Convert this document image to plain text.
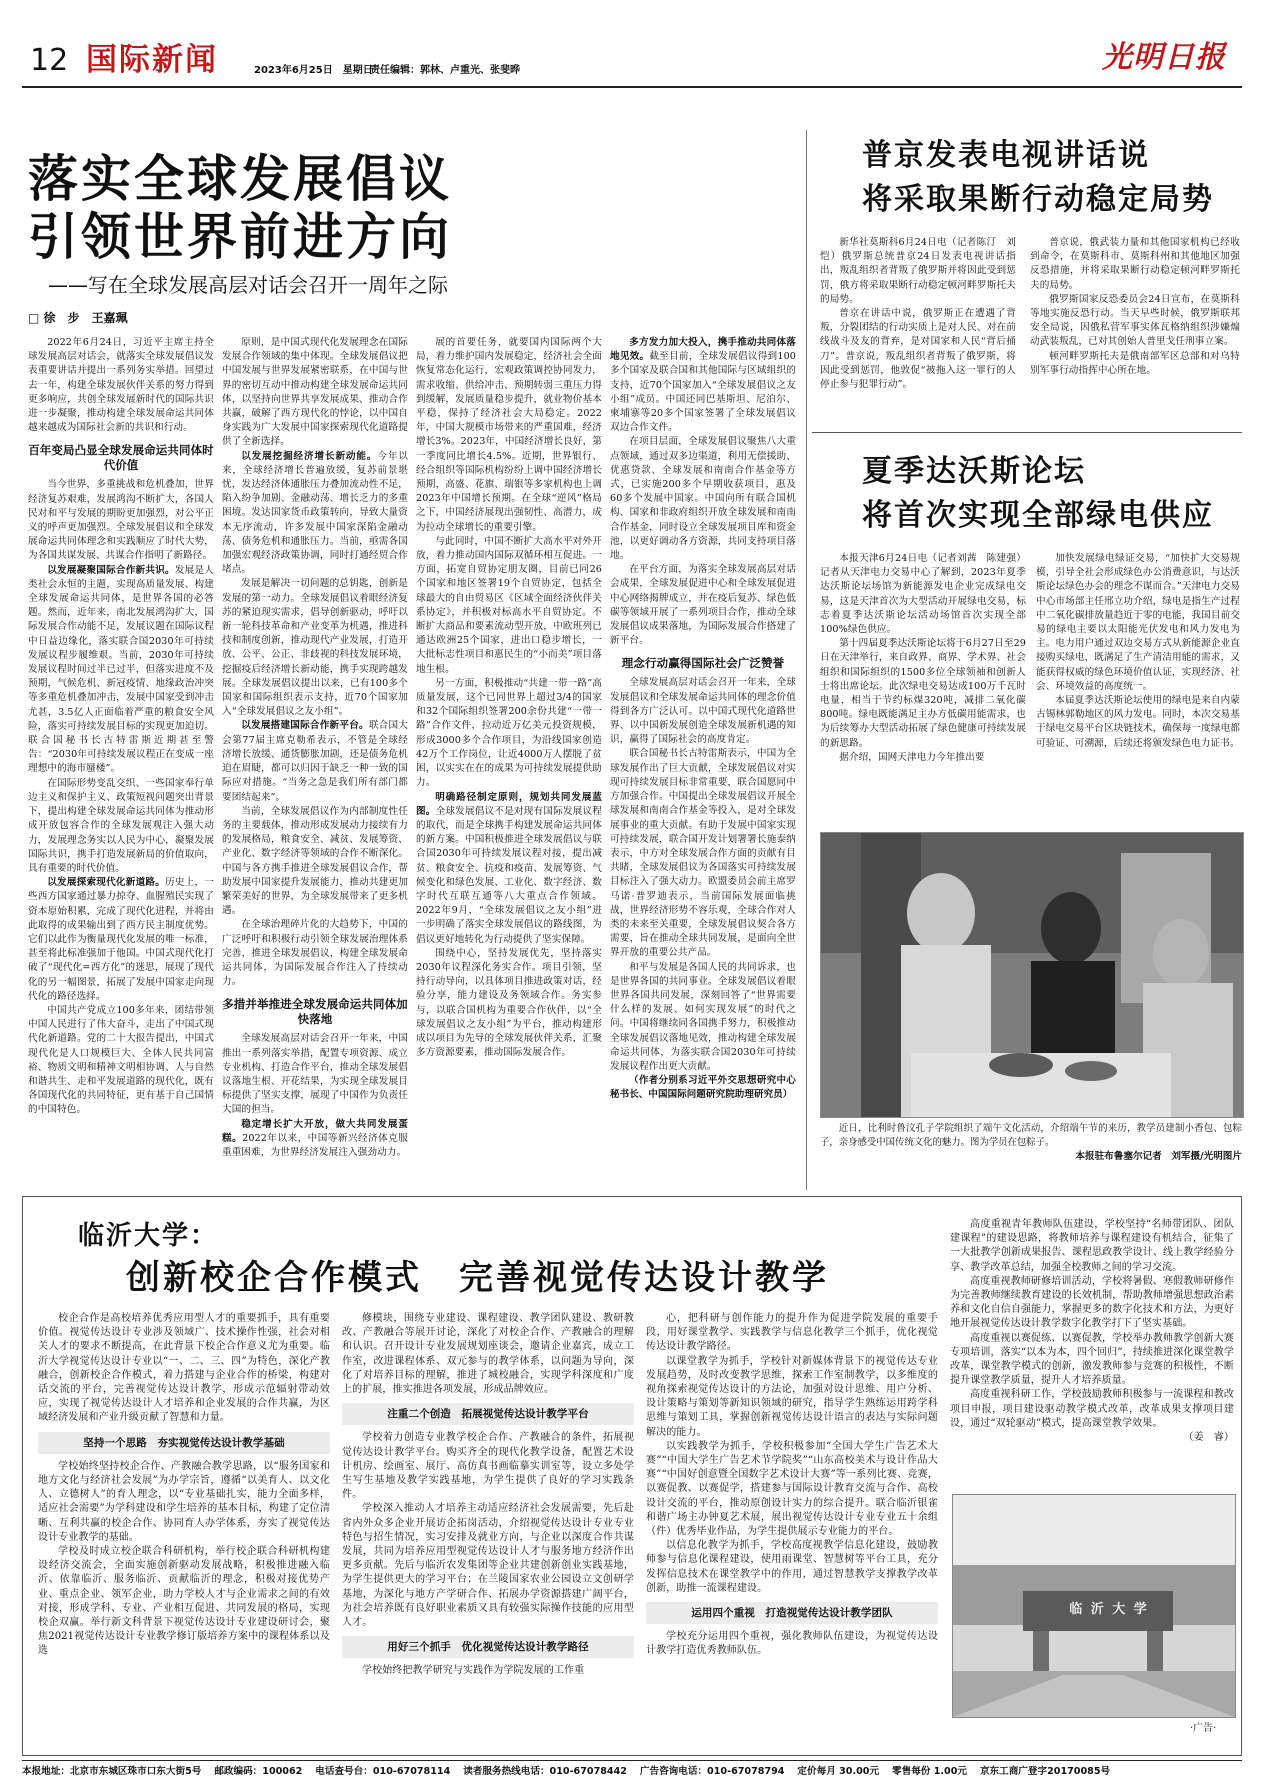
12 国际新闻	2023年6月25日　星期日
责任编辑：郭林、卢重光、张斐晔	光明日报
落实全球发展倡议
引领世界前进方向
——写在全球发展高层对话会召开一周年之际
□ 徐　步　王嘉珮

2022年6月24日，习近平主席主持全球发展高层对话会，就落实全球发展倡议发表重要讲话并提出一系列务实举措。回望过去一年，构建全球发展伙伴关系的努力得到更多响应，共创全球发展新时代的国际共识进一步凝聚，推动构建全球发展命运共同体越来越成为国际社会新的共识和行动。

百年变局凸显全球发展命运共同体时代价值

当今世界，多重挑战和危机叠加，世界经济复苏艰难，发展鸿沟不断扩大，各国人民对和平与发展的期盼更加强烈，对公平正义的呼声更加强烈。全球发展倡议和全球发展命运共同体理念和实践顺应了时代大势，为各国共谋发展、共谋合作指明了新路径。

以发展凝聚国际合作新共识。发展是人类社会永恒的主题，实现高质量发展、构建全球发展命运共同体，是世界各国的必答题。然而，近年来，南北发展鸿沟扩大，国际发展合作动能不足，发展议题在国际议程中日益边缘化，落实联合国2030年可持续发展议程步履维艰。当前，2030年可持续发展议程时间过半已过半，但落实进度不及预期，气候危机、新冠疫情、地缘政治冲突等多重危机叠加冲击，发展中国家受到冲击尤甚，3.5亿人正面临着严重的粮食安全风险，落实可持续发展目标的实现更加迫切。联合国秘书长古特雷斯近期甚至警告：“2030年可持续发展议程正在变成一座理想中的海市蜃楼”。

在国际形势变乱交织、一些国家奉行单边主义和保护主义、政策短视问题突出背景下，提出构建全球发展命运共同体为推动形成开放包容合作的全球发展观注入强大动力，发展理念务实以人民为中心，凝聚发展国际共识，携手打造发展新局的价值取向，具有重要的时代价值。

以发展探索现代化新道路。历史上，一些西方国家通过暴力掠夺、血腥殖民实现了资本原始积累，完成了现代化进程，并将由此取得的成果输出到了西方民主制度优势。它们以此作为衡量现代化发展的唯一标准，甚至将此标准强加于他国。中国式现代化打破了“现代化=西方化”的迷思，展现了现代化的另一幅图景，拓展了发展中国家走向现代化的路径选择。

中国共产党成立100多年来，团结带领中国人民进行了伟大奋斗，走出了中国式现代化新道路。党的二十大报告提出，中国式现代化是人口规模巨大、全体人民共同富裕、物质文明和精神文明相协调、人与自然和谐共生、走和平发展道路的现代化，既有各国现代化的共同特征，更有基于自己国情的中国特色。

原则，是中国式现代化发展理念在国际发展合作领域的集中体现。全球发展倡议把中国发展与世界发展紧密联系，在中国与世界的密切互动中推动构建全球发展命运共同体，以坚持向世界共享发展成果、推动合作共赢，破解了西方现代化的悖论，以中国自身实践为广大发展中国家探索现代化道路提供了全新选择。

以发展挖掘经济增长新动能。今年以来，全球经济增长普遍放缓，复苏前景堪忧，发达经济体通胀压力叠加流动性不足，陷入纷争加剧、金融动荡、增长乏力的多重困境。发达国家货币政策转向，导致大量资本无序流动，许多发展中国家深陷金融动荡、债务危机和通胀压力。当前，亟需各国加强宏观经济政策协调，同时打通经贸合作堵点。

发展是解决一切问题的总钥匙，创新是发展的第一动力。全球发展倡议着眼经济复苏的紧迫现实需求，倡导创新驱动，呼吁以新一轮科技革命和产业变革为机遇，推进科技和制度创新，推动现代产业发展，打造开放、公平、公正、非歧视的科技发展环境，挖掘疫后经济增长新动能，携手实现跨越发展。全球发展倡议提出以来，已有100多个国家和国际组织表示支持，近70个国家加入“全球发展倡议之友小组”。

以发展搭建国际合作新平台。联合国大会第77届主席克勒希表示，不管是全球经济增长放缓、通货膨胀加剧，还是债务危机迫在眉睫，都可以归因于缺乏一种一致的国际应对措施。“当务之急是我们所有部门都要团结起来”。

当前，全球发展倡议作为内部制度性任务的主要载体，推动形成发展动力接续有力的发展格局，粮食安全、减贫、发展筹资、产业化、数字经济等领域的合作不断深化。中国与各方携手推进全球发展倡议合作，帮助发展中国家提升发展能力，推动共建更加繁荣美好的世界，为全球发展带来了更多机遇。

在全球治理碎片化的大趋势下，中国的广泛呼吁和积极行动引领全球发展治理体系完善，推进全球发展倡议，构建全球发展命运共同体，为国际发展合作注入了持续动力。

多措并举推进全球发展命运共同体加快落地

全球发展高层对话会召开一年来，中国推出一系列落实举措，配置专项资源、成立专业机构、打造合作平台，推动全球发展倡议落地生根、开花结果，为实现全球发展目标提供了坚实支撑，展现了中国作为负责任大国的担当。

稳定增长扩大开放，做大共同发展蛋糕。2022年以来，中国等新兴经济体克服重重困难，为世界经济发展注入强劲动力。

展的首要任务，就要国内国际两个大局，着力维护国内发展稳定，经济社会全面恢复常态化运行，宏观政策调控协同发力，需求收缩、供给冲击、预期转弱三重压力得到缓解，发展质量稳步提升，就业物价基本平稳，保持了经济社会大局稳定。2022年，中国大规模市场带来的严重国难，经济增长3%。2023年，中国经济增长良好，第一季度同比增长4.5%。近期，世界银行、经合组织等国际机构纷纷上调中国经济增长预期，高盛、花旗、瑞银等多家机构也上调2023年中国增长预期。在全球“逆风”格局之下，中国经济展现出强韧性、高潜力，成为拉动全球增长的重要引擎。

与此同时，中国不断扩大高水平对外开放，着力推动国内国际双循环相互促进。一方面，拓宽自贸协定朋友圈，目前已同26个国家和地区签署19个自贸协定，包括全球最大的自由贸易区《区域全面经济伙伴关系协定》，并积极对标高水平自贸协定。不断扩大商品和要素流动型开放，中欧班列已通达欧洲25个国家，进出口稳步增长，一大批标志性项目和惠民生的“小而美”项目落地生根。

另一方面，积极推动“共建一带一路”高质量发展，这个已同世界上超过3/4的国家和32个国际组织签署200余份共建“一带一路”合作文件，拉动近万亿美元投资规模，形成3000多个合作项目，为沿线国家创造42万个工作岗位，让近4000万人摆脱了贫困，以实实在在的成果为可持续发展提供助力。

明确路径制定原则，规划共同发展蓝图。全球发展倡议不是对现有国际发展议程的取代，而是全球携手构建发展命运共同体的新方案。中国积极推进全球发展倡议与联合国2030年可持续发展议程对接，提出减贫、粮食安全、抗疫和疫苗、发展筹资、气候变化和绿色发展、工业化、数字经济、数字时代互联互通等八大重点合作领域。2022年9月，“全球发展倡议之友小组”进一步明确了落实全球发展倡议的路线图，为倡议更好地转化为行动提供了坚实保障。

围绕中心，坚持发展优先，坚持落实2030年议程深化务实合作。项目引领，坚持行动导向，以具体项目推进政策对话，经验分享，能力建设及务领域合作。务实参与，以联合国机构为重要合作伙伴，以“全球发展倡议之友小组”为平台，推动构建形成以项目为先导的全球发展伙伴关系，汇聚多方资源要素，推动国际发展合作。

多方发力加大投入，携手推动共同体落地见效。截至目前，全球发展倡议得到100多个国家及联合国和其他国际与区域组织的支持，近70个国家加入“全球发展倡议之友小组”成员。中国还同巴基斯坦、尼泊尔、柬埔寨等20多个国家签署了全球发展倡议双边合作文件。

在项目层面，全球发展倡议聚焦八大重点领域，通过双多边渠道，利用无偿援助、优惠贷款、全球发展和南南合作基金等方式，已实施200多个早期收获项目，惠及60多个发展中国家。中国向所有联合国机构、国家和非政府组织开放全球发展和南南合作基金，同时设立全球发展项目库和资金池，以更好调动各方资源，共同支持项目落地。

在平台方面，为落实全球发展高层对话会成果，全球发展促进中心和全球发展促进中心网络揭牌成立，并在疫后复苏、绿色低碳等领域开展了一系列项目合作，推动全球发展倡议成果落地，为国际发展合作搭建了新平台。

理念行动赢得国际社会广泛赞誉

全球发展高层对话会召开一年来，全球发展倡议和全球发展命运共同体的理念价值得到各方广泛认可。以中国式现代化道路世界、以中国新发展创造全球发展新机遇的知识，赢得了国际社会的高度肯定。

联合国秘书长古特雷斯表示，中国为全球发展作出了巨大贡献，全球发展倡议对实现可持续发展目标非常重要，联合国愿同中方加强合作。中国提出全球发展倡议开展全球发展和南南合作基金等投入，是对全球发展事业的重大贡献。有助于发展中国家实现可持续发展，联合国开发计划署署长施泰纳表示，中方对全球发展合作方面的贡献有目共睹，全球发展倡议为各国落实可持续发展目标注入了强大动力。欧盟委员会前主席罗马诺·普罗迪表示，当前国际发展面临挑战，世界经济形势不容乐观，全球合作对人类的未来至关重要，全球发展倡议契合各方需要，旨在推动全球共同发展，是面向全世界开放的重要公共产品。

和平与发展是各国人民的共同诉求，也是世界各国的共同事业。全球发展倡议着眼世界各国共同发展，深刻回答了“世界需要什么样的发展、如何实现发展”的时代之问。中国将继续同各国携手努力，积极推动全球发展倡议落地见效，推动构建全球发展命运共同体，为落实联合国2030年可持续发展议程作出更大贡献。

（作者分别系习近平外交思想研究中心秘书长、中国国际问题研究院助理研究员）

普京发表电视讲话说
将采取果断行动稳定局势

新华社莫斯科6月24日电（记者陈汀　刘恺）俄罗斯总统普京24日发表电视讲话指出，叛乱组织者背叛了俄罗斯并将因此受到惩罚，俄方将采取果断行动稳定顿河畔罗斯托夫的局势。

普京在讲话中说，俄罗斯正在遭遇了背叛，分裂团结的行动实质上是对人民、对在前线战斗及友的背弃，是对国家和人民“背后捅刀”。普京说，叛乱组织者背叛了俄罗斯，将因此受到惩罚，他敦促“被拖入这一罪行的人停止参与犯罪行动”。

普京说，俄武装力量和其他国家机构已经收到命令，在莫斯科市、莫斯科州和其他地区加强反恐措施，并将采取果断行动稳定顿河畔罗斯托夫的局势。

俄罗斯国家反恐委员会24日宣布，在莫斯科等地实施反恐行动。当天早些时候，俄罗斯联邦安全局说，因俄私营军事实体瓦格纳组织涉嫌煽动武装叛乱，已对其创始人普里戈任刑事立案。

顿河畔罗斯托夫是俄南部军区总部和对乌特别军事行动指挥中心所在地。

夏季达沃斯论坛
将首次实现全部绿电供应

本报天津6月24日电（记者刘茜　陈建强）记者从天津电力交易中心了解到，2023年夏季达沃斯论坛场馆为新能源发电企业完成绿电交易，这是天津首次为大型活动开展绿电交易，标志着夏季达沃斯论坛活动场馆首次实现全部100%绿色供应。

第十四届夏季达沃斯论坛将于6月27日至29日在天津举行，来自政界、商界、学术界、社会组织和国际组织的1500多位全球领袖和创新人士将出席论坛。此次绿电交易达成100万千瓦时电量，相当于节约标煤320吨，减排二氧化碳800吨。绿电既能满足主办方低碳用能需求，也为后续筹办大型活动拓展了绿色健康可持续发展的新思路。

据介绍，国网天津电力今年推出要

加快发展绿电绿证交易，“加快扩大交易规模，引导全社会形成绿色办公消费意识，与达沃斯论坛绿色办会的理念不谋而合。”天津电力交易中心市场部主任邢立功介绍，绿电是指生产过程中二氧化碳排放量趋近于零的电能，我国目前交易的绿电主要以太阳能光伏发电和风力发电为主。电力用户通过双边交易方式从新能源企业直接购买绿电，既满足了生产清洁用能的需求，又能获得权威的绿色环境价值认证，实现经济、社会、环境效益的高度统一。

本届夏季达沃斯论坛使用的绿电是来自内蒙古锡林郭勒地区的风力发电。同时，本次交易基于绿电交易平台区块链技术，确保每一度绿电都可验证、可溯源，后续还将颁发绿色电力证书。

近日，比利时鲁汶孔子学院组织了端午文化活动，介绍端午节的来历，教学员建制小香包、包粽子，亲身感受中国传统文化的魅力。图为学员在包粽子。

本报驻布鲁塞尔记者　刘军摄/光明图片
临沂大学：
创新校企合作模式　完善视觉传达设计教学

校企合作是高校培养优秀应用型人才的重要抓手，具有重要价值。视觉传达设计专业涉及领域广、技术操作性强，社会对相关人才的要求不断提高，在此背景下校企合作意义尤为重要。临沂大学视觉传达设计专业以“一、二、三、四”为特色，深化产教融合，创新校企合作模式，着力搭建与企业合作的桥梁，构建对话交流的平台，完善视觉传达设计教学，形成示范辐射带动效应，实现了视觉传达设计人才培养和企业发展的合作共赢，为区域经济发展和产业升级贡献了智慧和力量。

坚持一个思路　夯实视觉传达设计教学基础

学校始终坚持校企合作、产教融合教学思路，以“服务国家和地方文化与经济社会发展”为办学宗旨，遵循“以美育人、以文化人、立德树人”的育人理念，以“专业基础扎实，能力全面多样，适应社会需要”为学科建设和学生培养的基本目标，构建了定位清晰、互利共赢的校企合作、协同育人办学体系，夯实了视觉传达设计专业教学的基础。

学校及时成立校企联合科研机构，举行校企联合科研机构建设经济交流会，全面实施创新驱动发展战略，积极推进融入临沂、依靠临沂、服务临沂、贡献临沂的理念，积极对接优势产业、重点企业、领军企业，助力学校人才与企业需求之间的有效对接，形成学科、专业、产业相互促进、共同发展的格局，实现校企双赢。举行新文科背景下视觉传达设计专业建设研讨会，聚焦2021视觉传达设计专业教学修订版培养方案中的课程体系以及选

修模块，围绕专业建设、课程建设、教学团队建设、教研教改、产教融合等展开讨论，深化了对校企合作、产教融合的理解和认识。召开设计专业发展规划座谈会，邀请企业嘉宾，成立工作室，改进课程体系、双元参与的教学体系，以问题为导向，深化了对培养目标的理解，推进了城校融合，实现学科深度和广度上的扩展，推实推进各项发展，形成品牌效应。

注重二个创造　拓展视觉传达设计教学平台

学校着力创造专业教学校企合作、产教融合的条件，拓展视觉传达设计教学平台。购买齐全的现代化教学设备，配置艺术设计机房、绘画室、展厅、高仿真书画临摹实训室等，设立多处学生写生基地及教学实践基地，为学生提供了良好的学习实践条件。

学校深入推动人才培养主动适应经济社会发展需要，先后赴省内外众多企业开展访企拓岗活动，介绍视觉传达设计专业专业特色与招生情况，实习安排及就业方向，与企业以深度合作共谋发展，共同为培养应用型视觉传达设计人才与服务地方经济作出更多贡献。先后与临沂农发集团等企业共建创新创业实践基地，为学生提供更大的学习平台；在兰陵国家农业公园设立文创研学基地，为深化与地方产学研合作、拓展办学资源搭建广阔平台，为社会培养既有良好职业素质又具有较强实际操作技能的应用型人才。

用好三个抓手　优化视觉传达设计教学路径

学校始终把教学研究与实践作为学院发展的工作重

心，把科研与创作能力的提升作为促进学院发展的重要手段，用好课堂教学、实践教学与信息化教学三个抓手，优化视觉传达设计教学路径。

以课堂教学为抓手，学校针对新媒体背景下的视觉传达专业发展趋势，及时改变教学思维，探索工作室制教学，以多维度的视角探索视觉传达设计的方法论，加强对设计思维、用户分析、设计策略与策划等新知识领域的研究，指导学生熟练运用跨学科思维与策划工具，掌握创新视觉传达设计语言的表达与实际问题解决的能力。

以实践教学为抓手，学校积极参加“全国大学生广告艺术大赛”“中国大学生广告艺术节学院奖”“山东高校美术与设计作品大赛”“中国好创意暨全国数字艺术设计大赛”等一系列比赛、竞赛，以赛促教、以赛促学，搭建参与国际设计教育交流与合作、高校设计交流的平台，推动原创设计实力的综合提升。联合临沂银雀和谐广场主办钟夏艺术展，展出视觉传达设计专业专业五十余组（件）优秀毕业作品，为学生提供展示专业能力的平台。

以信息化教学为抓手，学校高度视教学信息化建设，鼓励教师参与信息化课程建设，使用雨课堂、智慧树等平台工具，充分发挥信息技术在课堂教学中的作用，通过智慧教学支撑教学改革创新，助推一流课程建设。

运用四个重视　打造视觉传达设计教学团队

学校充分运用四个重视，强化教师队伍建设，为视觉传达设计教学打造优秀教师队伍。

高度重视青年教师队伍建设，学校坚持“名师带团队、团队建课程”的建设思路，将教师培养与课程建设有机结合，征集了一大批教学创新成果报告、课程思政教学设计、线上教学经验分享、教学改革总结，加强全校教师之间的学习交流。

高度重视教师研修培训活动，学校将暑假、寒假教师研修作为完善教师继续教育建设的长效机制，帮助教师增强思想政治素养和文化自信自强能力，掌握更多的数字化技术和方法，为更好地开展视觉传达设计教学数字化教学打下了坚实基础。

高度重视以赛促练、以赛促教，学校举办教师教学创新大赛专项培训，落实“以本为本，四个回归”，持续推进深化课堂教学改革，课堂教学模式的创新，激发教师参与竞赛的积极性，不断提升课堂教学质量，提升人才培养质量。

高度重视科研工作，学校鼓励教师积极参与一流课程和教改项目申报，项目建设驱动教学模式改革，改革成果支撑项目建设，通过“双轮驱动”模式，提高课堂教学效果。

（姜　睿）
临 沂 大 学
·广告·
本报地址：北京市东城区珠市口东大街5号　 邮政编码：100062　 电话查号台：010-67078114　 读者服务热线电话：010-67078442　 广告咨询电话：010-67078794　 定价每月 30.00元　 零售每份 1.00元　 京东工商广登字20170085号
